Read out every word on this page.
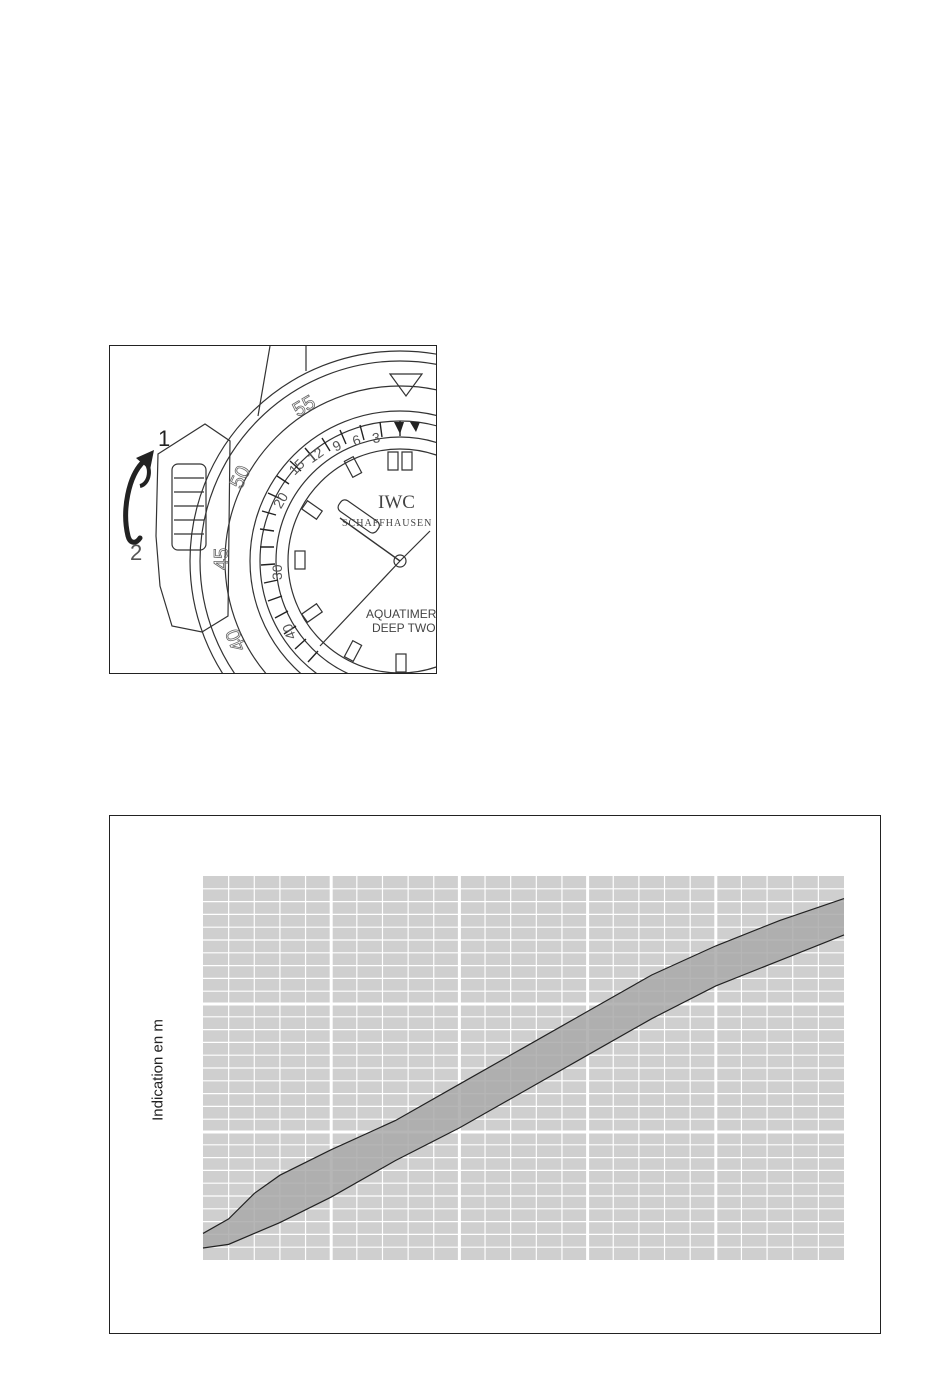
1
2
55
50
45
40
3
6
9
12
15
20
30
40
IWC
SCHAFFHAUSEN
AQUATIMER
DEEP TWO
Indication en m
